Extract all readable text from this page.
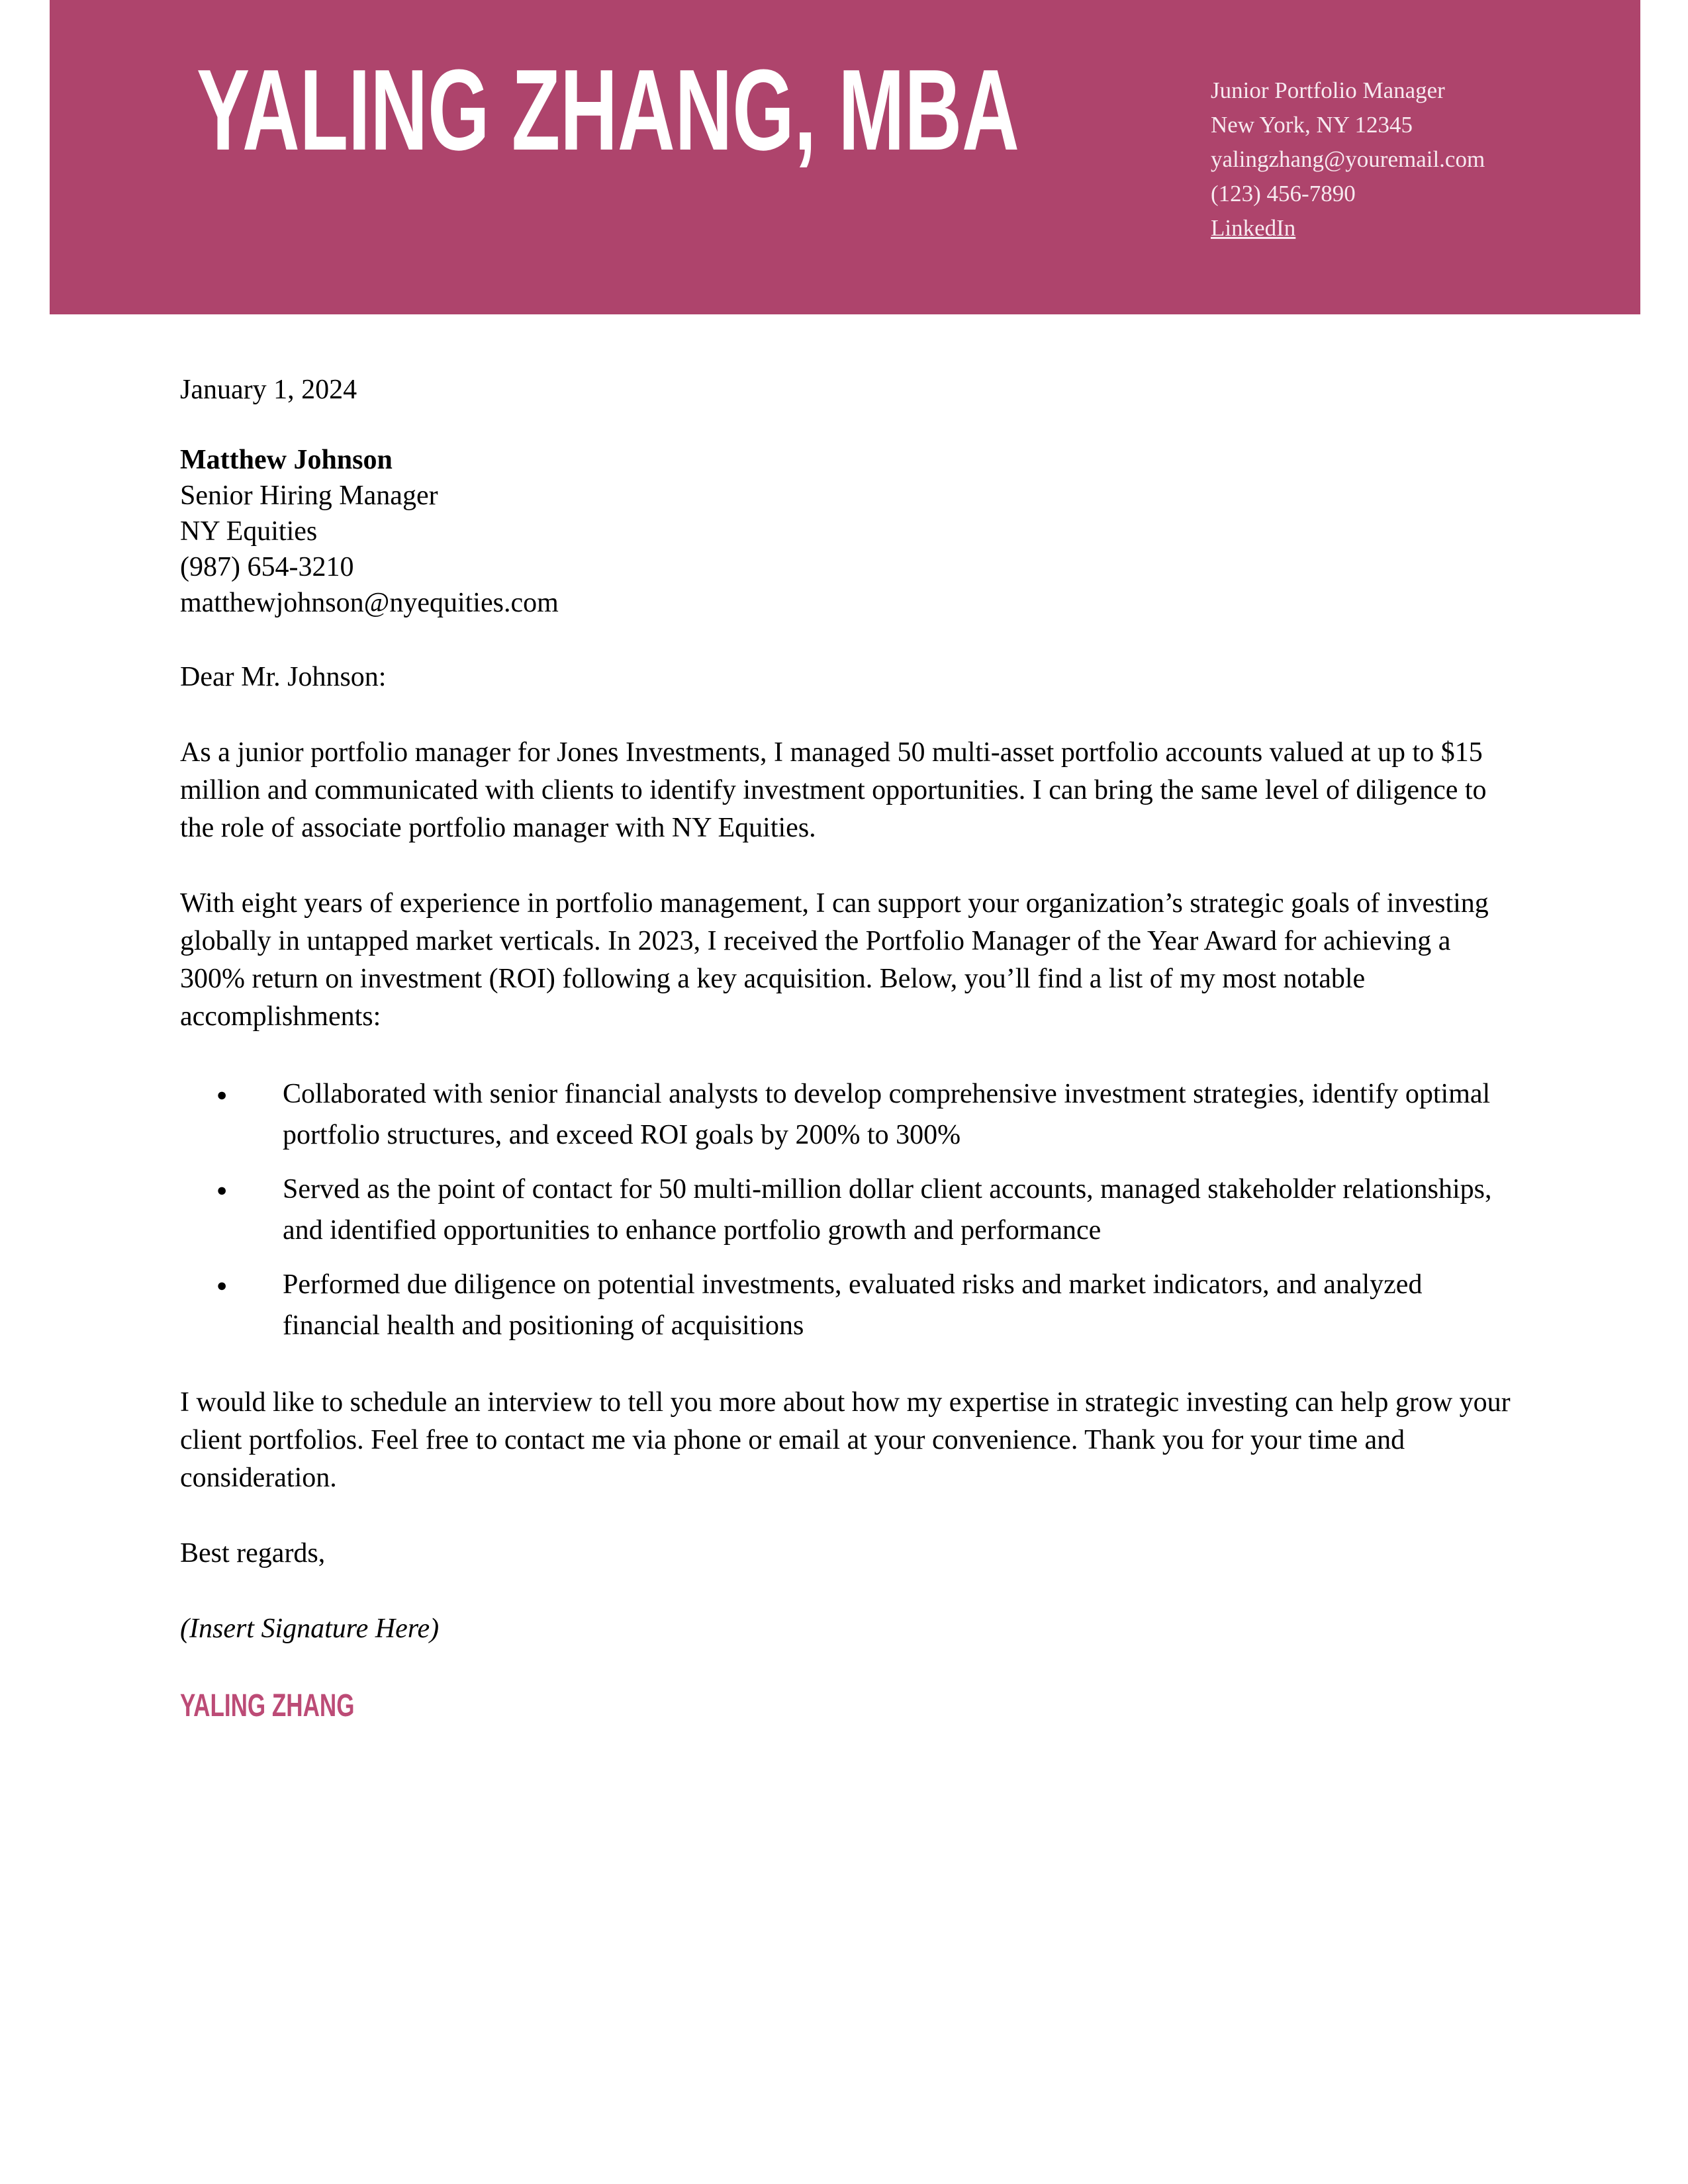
YALING ZHANG, MBA	Junior Portfolio Manager
New York, NY 12345
yalingzhang@youremail.com
(123) 456-7890
LinkedIn

January 1, 2024

Matthew Johnson
Senior Hiring Manager
NY Equities
(987) 654-3210
matthewjohnson@nyequities.com

Dear Mr. Johnson:

As a junior portfolio manager for Jones Investments, I managed 50 multi-asset portfolio accounts valued at up to $15 million and communicated with clients to identify investment opportunities. I can bring the same level of diligence to the role of associate portfolio manager with NY Equities.

With eight years of experience in portfolio management, I can support your organization’s strategic goals of investing globally in untapped market verticals. In 2023, I received the Portfolio Manager of the Year Award for achieving a 300% return on investment (ROI) following a key acquisition. Below, you’ll find a list of my most notable accomplishments:

● Collaborated with senior financial analysts to develop comprehensive investment strategies, identify optimal portfolio structures, and exceed ROI goals by 200% to 300%
● Served as the point of contact for 50 multi-million dollar client accounts, managed stakeholder relationships, and identified opportunities to enhance portfolio growth and performance
● Performed due diligence on potential investments, evaluated risks and market indicators, and analyzed financial health and positioning of acquisitions

I would like to schedule an interview to tell you more about how my expertise in strategic investing can help grow your client portfolios. Feel free to contact me via phone or email at your convenience. Thank you for your time and consideration.

Best regards,

(Insert Signature Here)

YALING ZHANG
